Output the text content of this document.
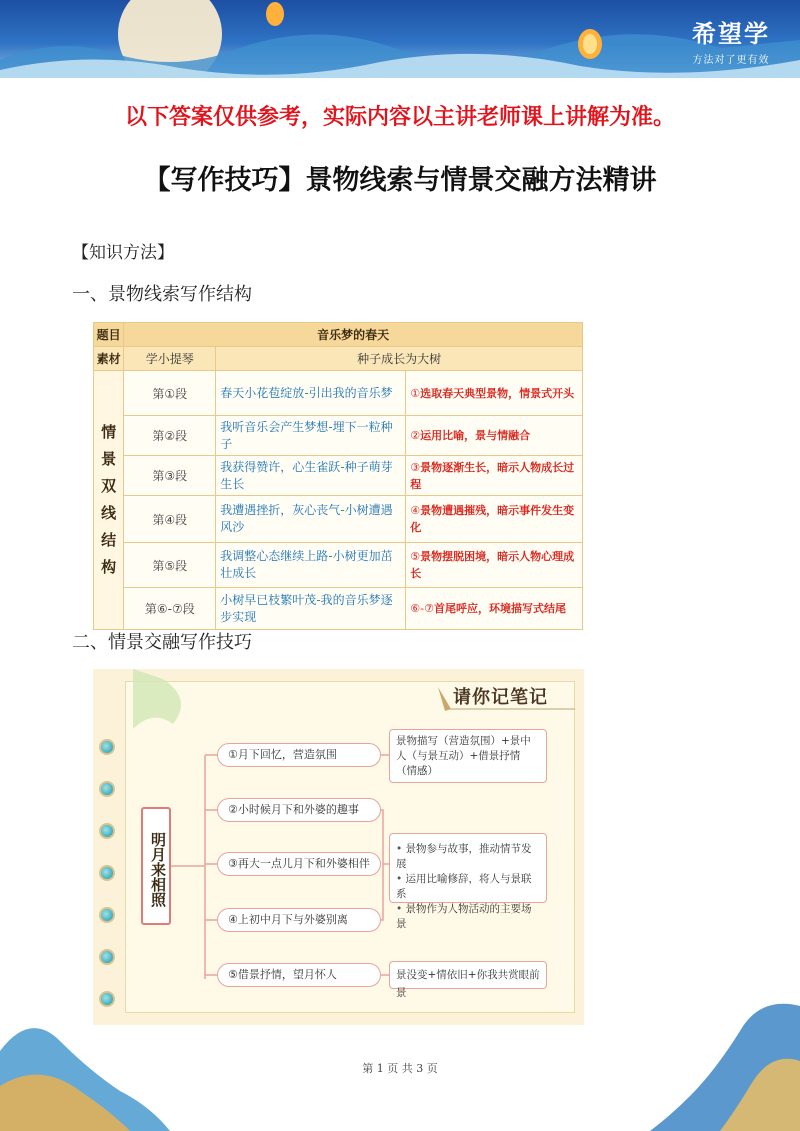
希望学
方法对了更有效
以下答案仅供参考，实际内容以主讲老师课上讲解为准。
【写作技巧】景物线索与情景交融方法精讲
【知识方法】
一、景物线索写作结构
题目	音乐梦的春天		
素材	学小提琴	种子成长为大树	
情景
双线
结构	第①段	春天小花苞绽放-引出我的音乐梦	①选取春天典型景物，情景式开头
	第②段	我听音乐会产生梦想-埋下一粒种子	②运用比喻，景与情融合
	第③段	我获得赞许，心生雀跃-种子萌芽生长	③景物逐渐生长，暗示人物成长过程
	第④段	我遭遇挫折，灰心丧气-小树遭遇风沙	④景物遭遇摧残，暗示事件发生变化
	第⑤段	我调整心态继续上路-小树更加茁壮成长	⑤景物摆脱困境，暗示人物心理成长
	第⑥-⑦段	小树早已枝繁叶茂-我的音乐梦逐步实现	⑥-⑦首尾呼应，环境描写式结尾
二、情景交融写作技巧
请你记笔记
明月来相照
①月下回忆，营造氛围
②小时候月下和外婆的趣事
③再大一点儿月下和外婆相伴
④上初中月下与外婆别离
⑤借景抒情，望月怀人
景物描写（营造氛围）+景中人（与景互动）+借景抒情（情感）
• 景物参与故事，推动情节发展
• 运用比喻修辞，将人与景联系
• 景物作为人物活动的主要场景
景没变+情依旧+你我共赏眼前景
第 1 页 共 3 页
